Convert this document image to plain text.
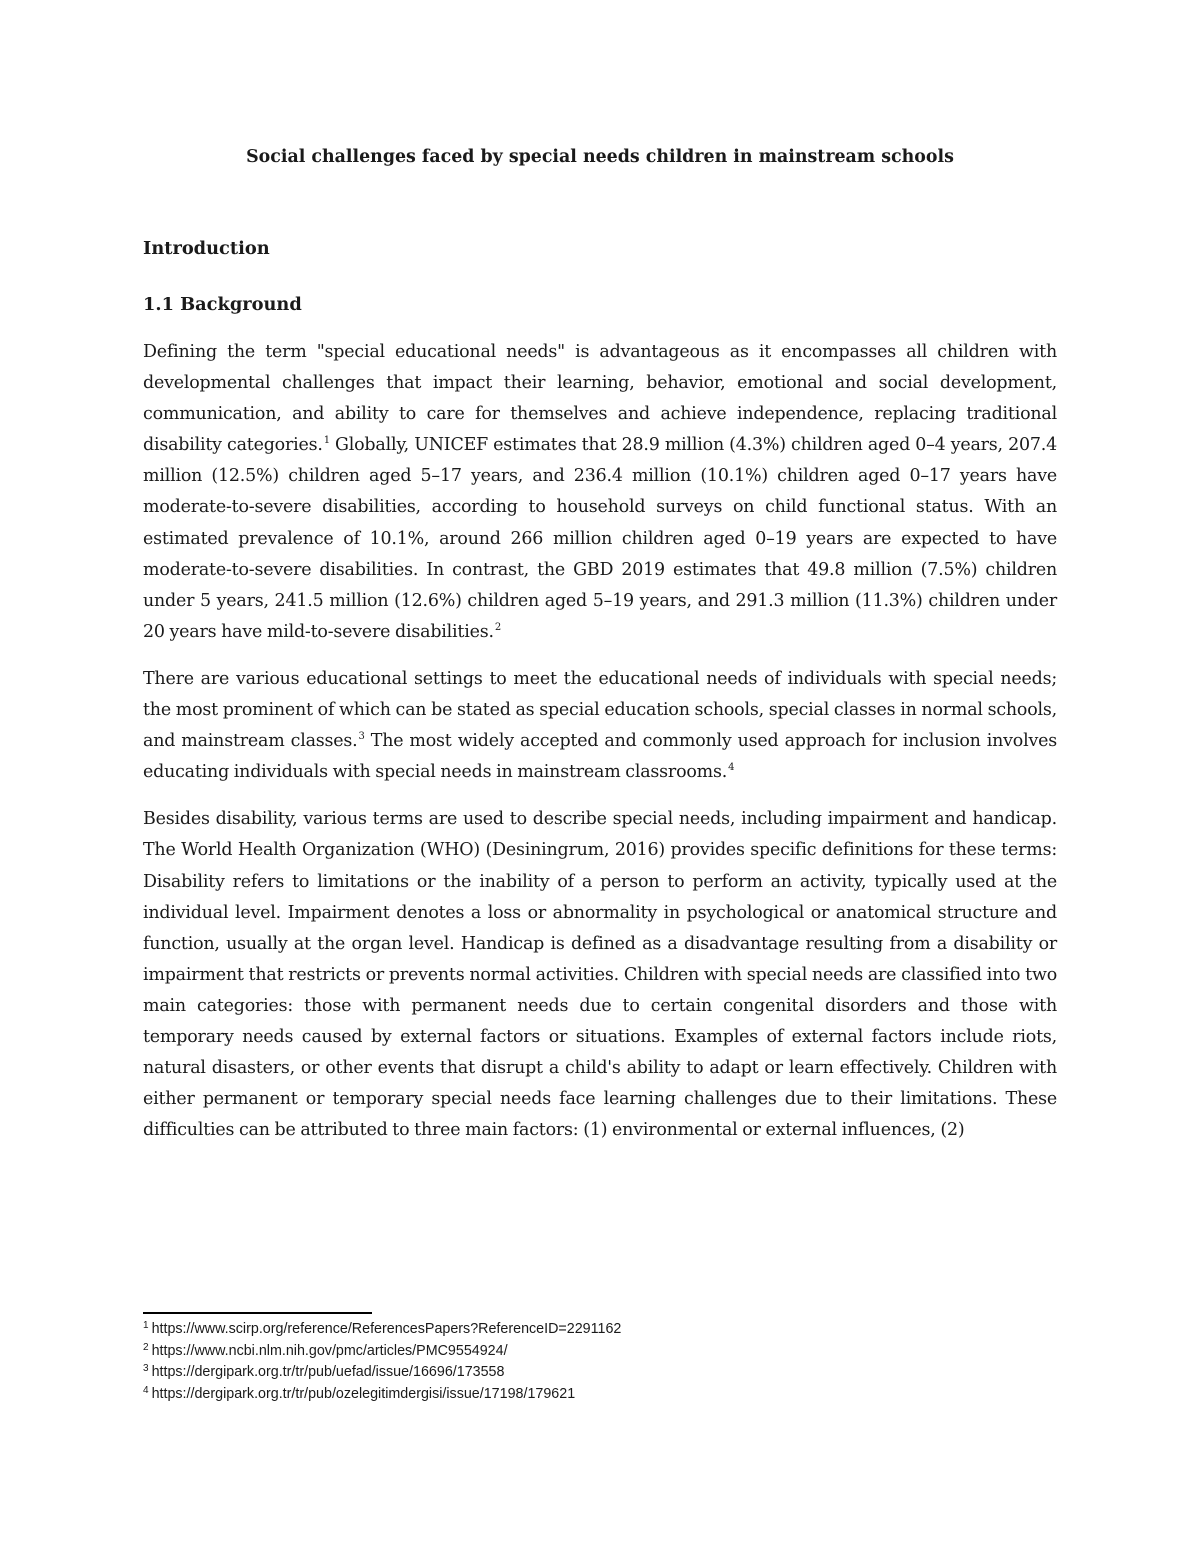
Social challenges faced by special needs children in mainstream schools
Introduction
1.1 Background

Defining the term "special educational needs" is advantageous as it encompasses all children with developmental challenges that impact their learning, behavior, emotional and social development, communication, and ability to care for themselves and achieve independence, replacing traditional disability categories.$^1$ Globally, UNICEF estimates that 28.9 million (4.3%) children aged 0–4 years, 207.4 million (12.5%) children aged 5–17 years, and 236.4 million (10.1%) children aged 0–17 years have moderate-to-severe disabilities, according to household surveys on child functional status. With an estimated prevalence of 10.1%, around 266 million children aged 0–19 years are expected to have moderate-to-severe disabilities. In contrast, the GBD 2019 estimates that 49.8 million (7.5%) children under 5 years, 241.5 million (12.6%) children aged 5–19 years, and 291.3 million (11.3%) children under 20 years have mild-to-severe disabilities.$^2$

There are various educational settings to meet the educational needs of individuals with special needs; the most prominent of which can be stated as special education schools, special classes in normal schools, and mainstream classes.$^3$ The most widely accepted and commonly used approach for inclusion involves educating individuals with special needs in mainstream classrooms.$^4$

Besides disability, various terms are used to describe special needs, including impairment and handicap. The World Health Organization (WHO) (Desiningrum, 2016) provides specific definitions for these terms: Disability refers to limitations or the inability of a person to perform an activity, typically used at the individual level. Impairment denotes a loss or abnormality in psychological or anatomical structure and function, usually at the organ level. Handicap is defined as a disadvantage resulting from a disability or impairment that restricts or prevents normal activities. Children with special needs are classified into two main categories: those with permanent needs due to certain congenital disorders and those with temporary needs caused by external factors or situations. Examples of external factors include riots, natural disasters, or other events that disrupt a child's ability to adapt or learn effectively. Children with either permanent or temporary special needs face learning challenges due to their limitations. These difficulties can be attributed to three main factors: (1) environmental or external influences, (2)

$^1$ https://www.scirp.org/reference/ReferencesPapers?ReferenceID=2291162
$^2$ https://www.ncbi.nlm.nih.gov/pmc/articles/PMC9554924/
$^3$ https://dergipark.org.tr/tr/pub/uefad/issue/16696/173558
$^4$ https://dergipark.org.tr/tr/pub/ozelegitimdergisi/issue/17198/179621
